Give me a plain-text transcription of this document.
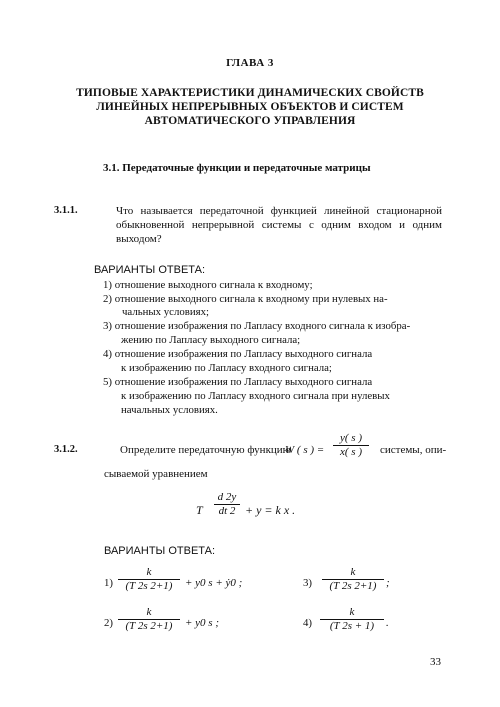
ГЛАВА 3
ТИПОВЫЕ ХАРАКТЕРИСТИКИ ДИНАМИЧЕСКИХ СВОЙСТВ
ЛИНЕЙНЫХ НЕПРЕРЫВНЫХ ОБЪЕКТОВ И СИСТЕМ
АВТОМАТИЧЕСКОГО УПРАВЛЕНИЯ
3.1. Передаточные функции и передаточные матрицы
3.1.1.	Что называется передаточной функцией линейной стационарной
обыкновенной непрерывной системы с одним входом и одним
выходом?
ВАРИАНТЫ ОТВЕТА:
1) отношение выходного сигнала к входному;
2) отношение выходного сигнала к входному при нулевых на-
чальных условиях;
3) отношение изображения по Лапласу входного сигнала к изобра-
жению по Лапласу выходного сигнала;
4) отношение изображения по Лапласу выходного сигнала
к изображению по Лапласу входного сигнала;
5) отношение изображения по Лапласу выходного сигнала
к изображению по Лапласу входного сигнала при нулевых
начальных условиях.
3.1.2.	Определите передаточную функцию
W ( s ) =
y( s )
x( s ) системы, опи-
сываемой уравнением
T
d 2y
dt 2 + y = k x .
ВАРИАНТЫ ОТВЕТА:
1)
k
(T 2s 2+1) + y0 s + ẏ0 ;	3)
k
(T 2s 2+1) ;
2)
k
(T 2s 2+1) + y0 s ;	4)
k
(T 2s + 1) .
33
